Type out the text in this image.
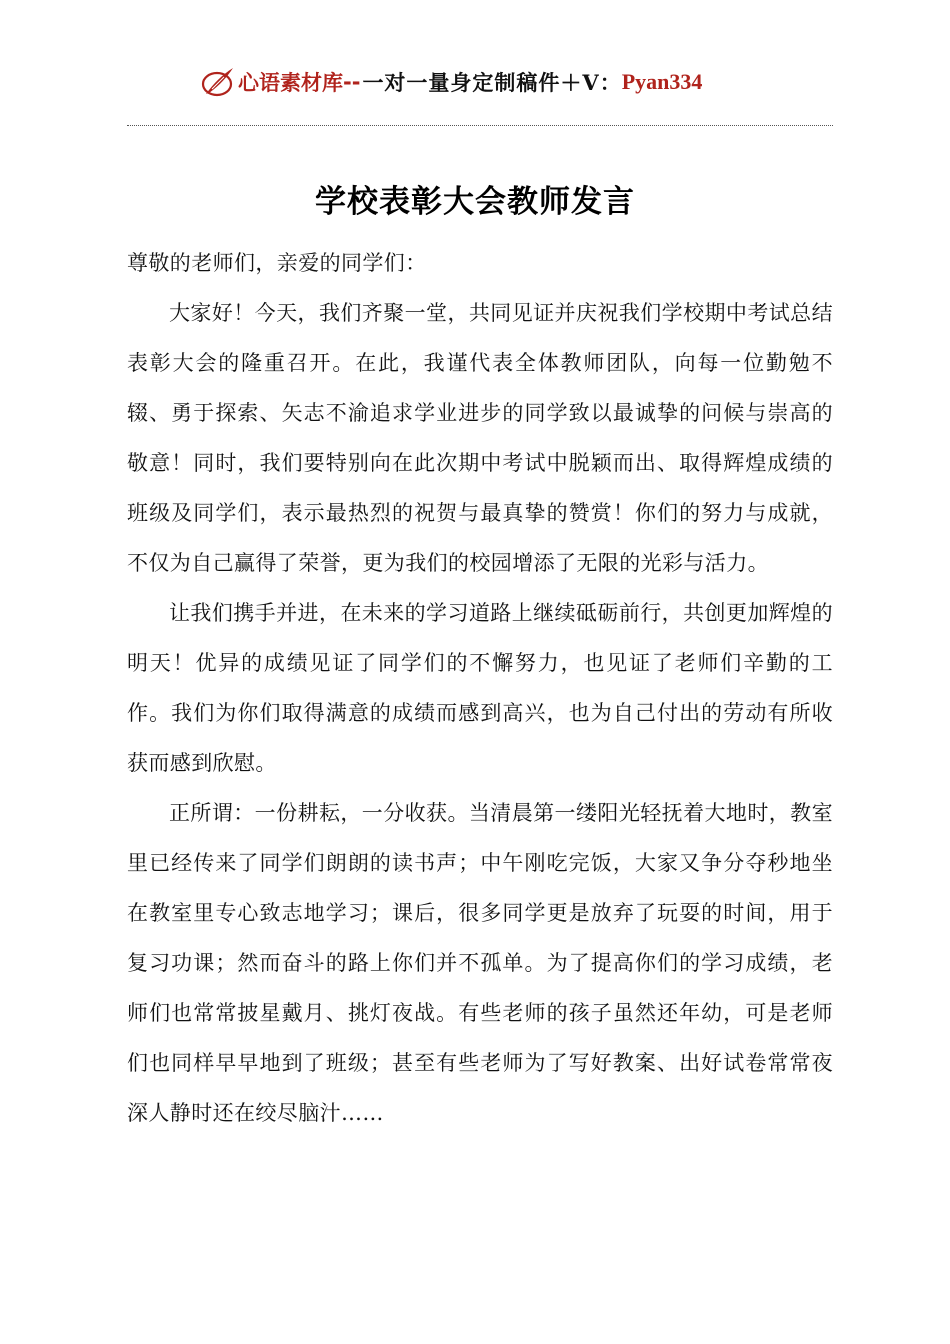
心语素材库 -- 一对一量身定制稿件＋V： Pyan334
学校表彰大会教师发言

尊敬的老师们，亲爱的同学们：

大家好！今天，我们齐聚一堂，共同见证并庆祝我们学校期中考试总结表彰大会的隆重召开。在此，我谨代表全体教师团队，向每一位勤勉不辍、勇于探索、矢志不渝追求学业进步的同学致以最诚挚的问候与崇高的敬意！同时，我们要特别向在此次期中考试中脱颖而出、取得辉煌成绩的班级及同学们，表示最热烈的祝贺与最真挚的赞赏！你们的努力与成就，不仅为自己赢得了荣誉，更为我们的校园增添了无限的光彩与活力。

让我们携手并进，在未来的学习道路上继续砥砺前行，共创更加辉煌的明天！优异的成绩见证了同学们的不懈努力，也见证了老师们辛勤的工作。我们为你们取得满意的成绩而感到高兴，也为自己付出的劳动有所收获而感到欣慰。

正所谓：一份耕耘，一分收获。当清晨第一缕阳光轻抚着大地时，教室里已经传来了同学们朗朗的读书声；中午刚吃完饭，大家又争分夺秒地坐在教室里专心致志地学习；课后，很多同学更是放弃了玩耍的时间，用于复习功课；然而奋斗的路上你们并不孤单。为了提高你们的学习成绩，老师们也常常披星戴月、挑灯夜战。有些老师的孩子虽然还年幼，可是老师们也同样早早地到了班级；甚至有些老师为了写好教案、出好试卷常常夜深人静时还在绞尽脑汁……
